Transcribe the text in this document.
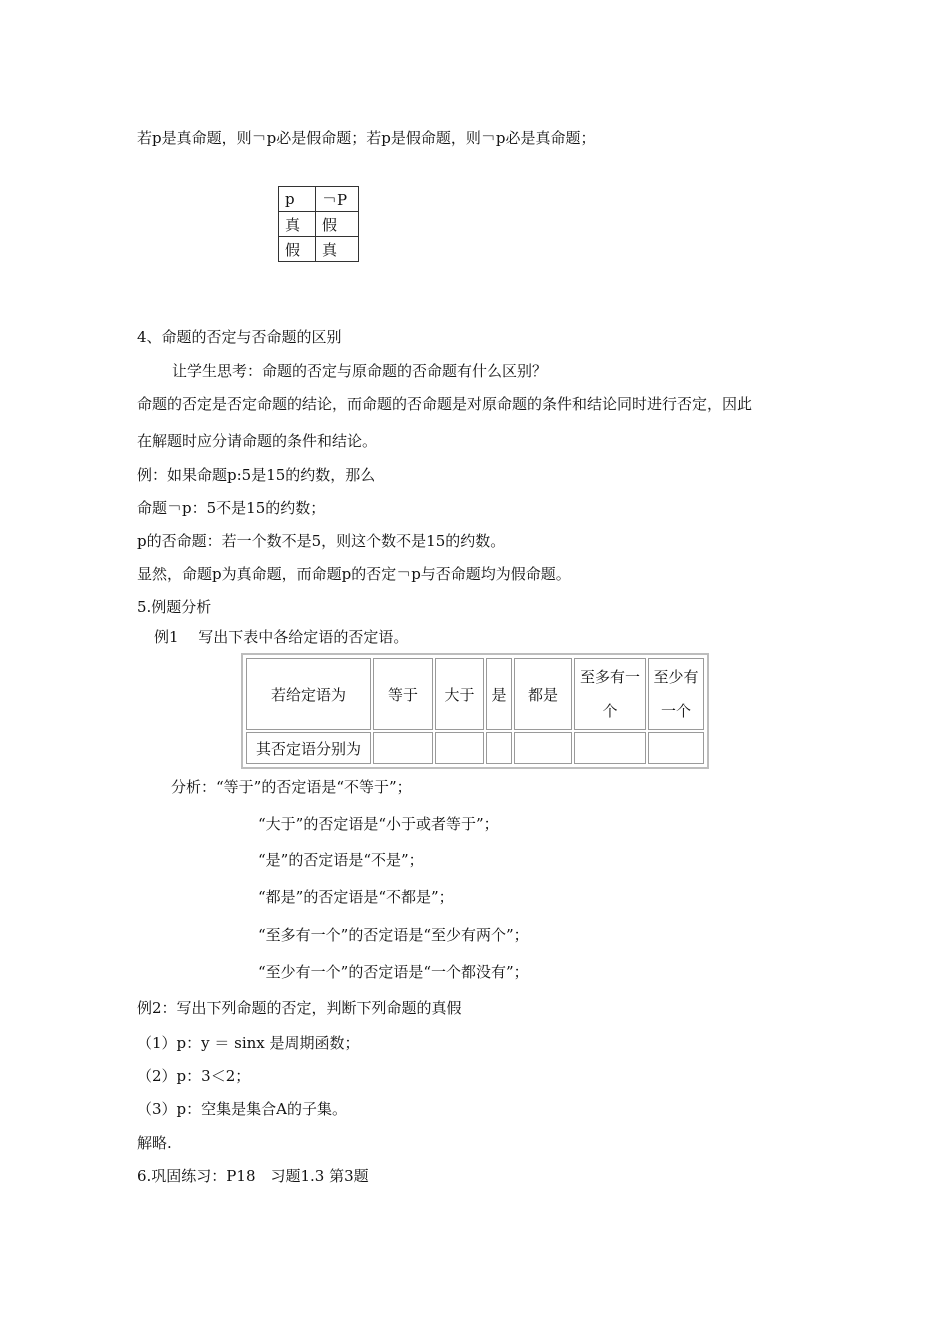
若p是真命题，则￢p必是假命题；若p是假命题，则￢p必是真命题；
p	￢P
真	假
假	真
4、命题的否定与否命题的区别
让学生思考：命题的否定与原命题的否命题有什么区别？
命题的否定是否定命题的结论，而命题的否命题是对原命题的条件和结论同时进行否定，因此
在解题时应分请命题的条件和结论。
例：如果命题p:5是15的约数，那么
命题￢p：5不是15的约数；
p的否命题：若一个数不是5，则这个数不是15的约数。
显然，命题p为真命题，而命题p的否定￢p与否命题均为假命题。
5.例题分析
例1　 写出下表中各给定语的否定语。
若给定语为	等于	大于	是	都是	至多有一个	至少有一个
其否定语分别为						
分析：“等于”的否定语是“不等于”；
“大于”的否定语是“小于或者等于”；
“是”的否定语是“不是”；
“都是”的否定语是“不都是”；
“至多有一个”的否定语是“至少有两个”；
“至少有一个”的否定语是“一个都没有”；
例2：写出下列命题的否定，判断下列命题的真假
（1）p：y ＝ sinx 是周期函数；
（2）p：3＜2；
（3）p：空集是集合A的子集。
解略.
6.巩固练习：P18　习题1.3 第3题
